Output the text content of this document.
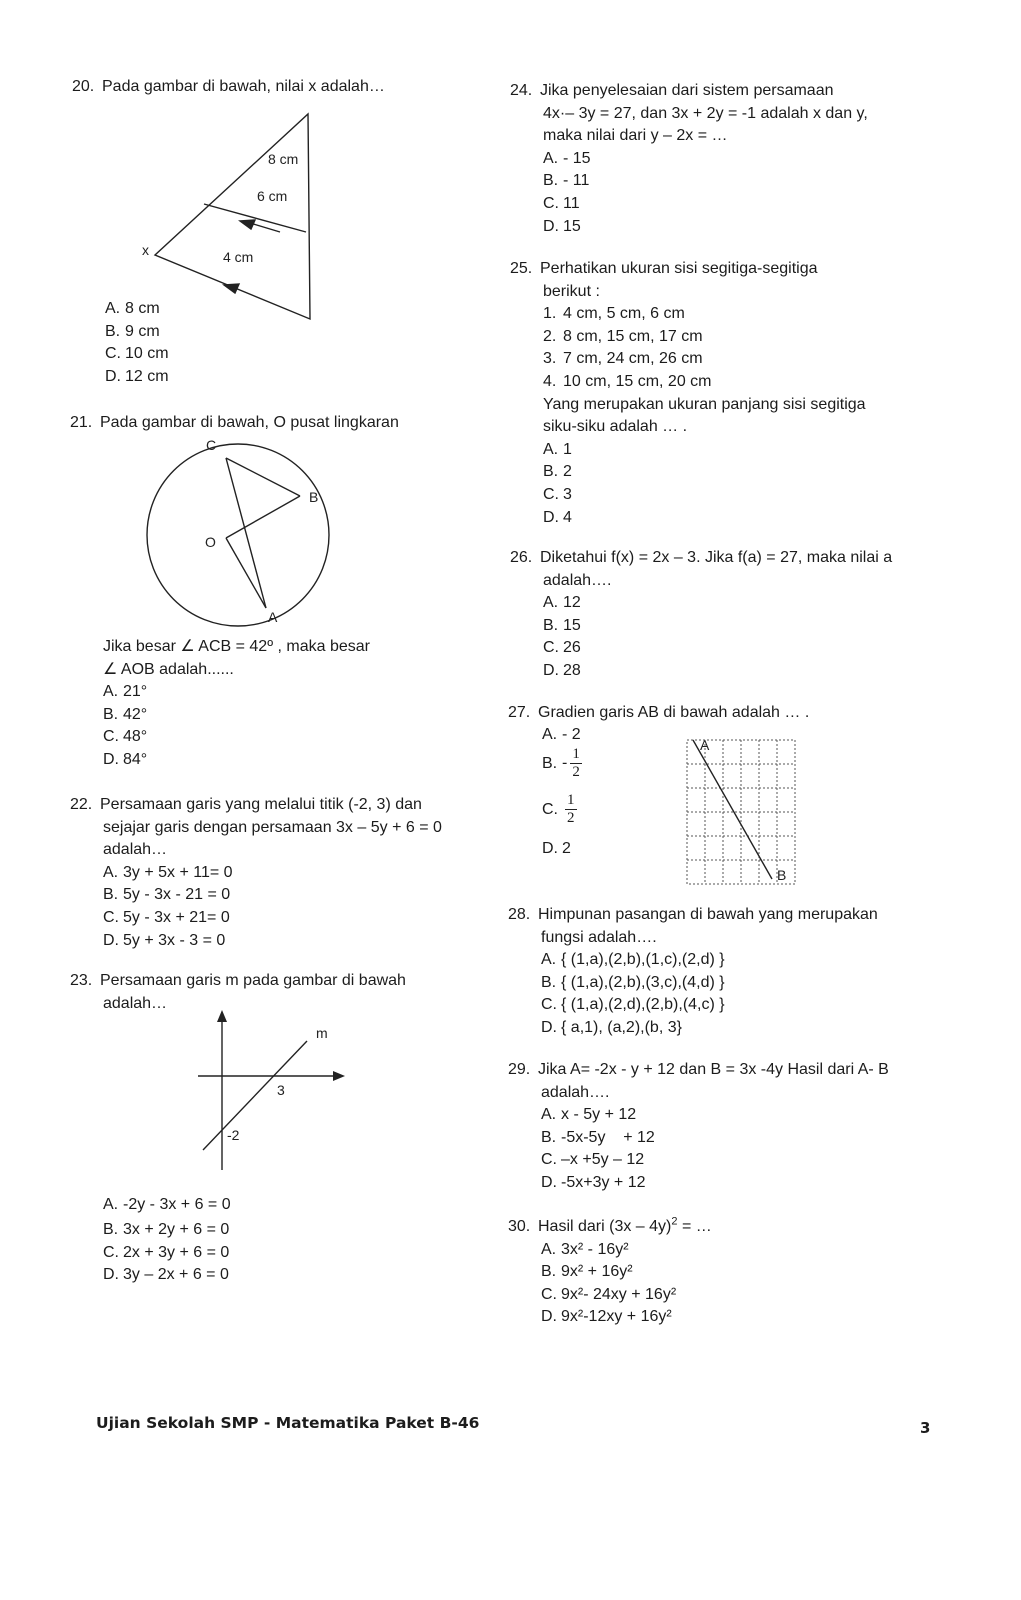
20. Pada gambar di bawah, nilai x adalah…
8 cm
6 cm
4 cm
x
A. 8 cm
B. 9 cm
C. 10 cm
D. 12 cm
21. Pada gambar di bawah, O pusat lingkaran
C
B
O
A
Jika besar ∠ ACB = 42º , maka besar
∠ AOB adalah......
A. 21°
B. 42°
C. 48°
D. 84°
22. Persamaan garis yang melalui titik (-2, 3) dan
sejajar garis dengan persamaan 3x – 5y + 6 = 0
adalah…
A. 3y + 5x + 11= 0
B. 5y - 3x - 21 = 0
C. 5y - 3x + 21= 0
D. 5y + 3x - 3 = 0
23. Persamaan garis m pada gambar di bawah
adalah…
m
3
-2
A. -2y - 3x + 6 = 0
B. 3x + 2y + 6 = 0
C. 2x + 3y + 6 = 0
D. 3y – 2x + 6 = 0
24. Jika penyelesaian dari sistem persamaan
4x·– 3y = 27, dan 3x + 2y = -1 adalah x dan y,
maka nilai dari y – 2x = …
A. - 15
B. - 11
C. 11
D. 15
25. Perhatikan ukuran sisi segitiga-segitiga
berikut :
1. 4 cm, 5 cm, 6 cm
2. 8 cm, 15 cm, 17 cm
3. 7 cm, 24 cm, 26 cm
4. 10 cm, 15 cm, 20 cm
Yang merupakan ukuran panjang sisi segitiga
siku-siku adalah … .
A. 1
B. 2
C. 3
D. 4
26. Diketahui f(x) = 2x – 3. Jika f(a) = 27, maka nilai a
adalah….
A. 12
B. 15
C. 26
D. 28
27. Gradien garis AB di bawah adalah … .
A. - 2
B. - $\frac{1}{2}$
C. $\frac{1}{2}$
D. 2
A
B
28. Himpunan pasangan di bawah yang merupakan
fungsi adalah….
A. { (1,a),(2,b),(1,c),(2,d) }
B. { (1,a),(2,b),(3,c),(4,d) }
C. { (1,a),(2,d),(2,b),(4,c) }
D. { a,1), (a,2),(b, 3}
29. Jika A= -2x - y + 12 dan B = 3x -4y Hasil dari A- B
adalah….
A. x - 5y + 12
B. -5x-5y    + 12
C. –x +5y – 12
D. -5x+3y + 12
30. Hasil dari (3x – 4y)$^2$ = …
A. 3x² - 16y²
B. 9x² + 16y²
C. 9x²- 24xy + 16y²
D. 9x²-12xy + 16y²
Ujian Sekolah SMP - Matematika Paket B-46	3
